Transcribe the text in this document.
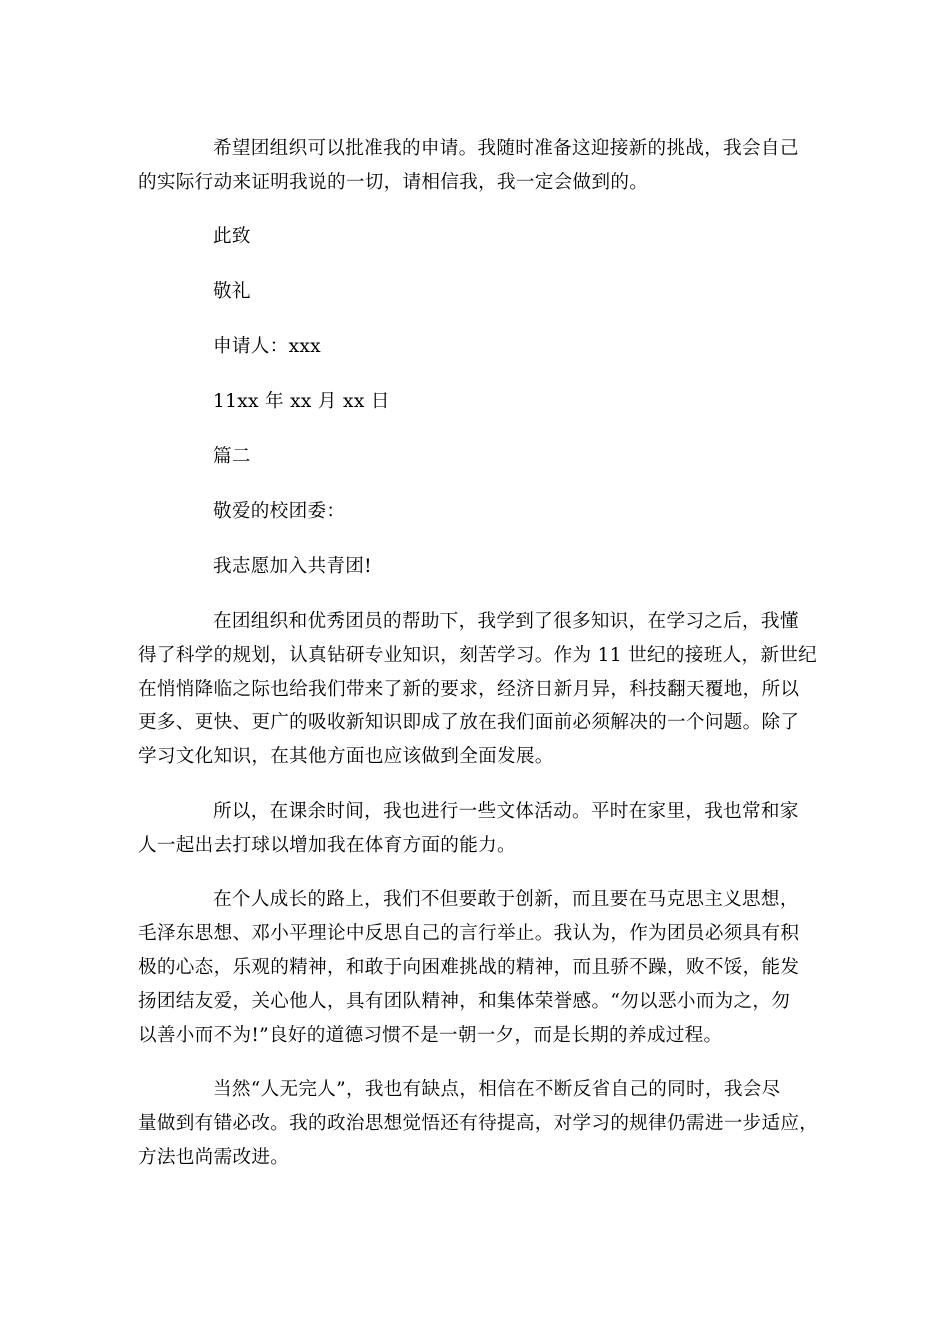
希望团组织可以批准我的申请。我随时准备这迎接新的挑战，我会自己
的实际行动来证明我说的一切，请相信我，我一定会做到的。
此致
敬礼
申请人：xxx
11xx 年 xx 月 xx 日
篇二
敬爱的校团委：
我志愿加入共青团!
在团组织和优秀团员的帮助下，我学到了很多知识，在学习之后，我懂
得了科学的规划，认真钻研专业知识，刻苦学习。作为 11 世纪的接班人，新世纪
在悄悄降临之际也给我们带来了新的要求，经济日新月异，科技翻天覆地，所以
更多、更快、更广的吸收新知识即成了放在我们面前必须解决的一个问题。除了
学习文化知识，在其他方面也应该做到全面发展。
所以，在课余时间，我也进行一些文体活动。平时在家里，我也常和家
人一起出去打球以增加我在体育方面的能力。
在个人成长的路上，我们不但要敢于创新，而且要在马克思主义思想，
毛泽东思想、邓小平理论中反思自己的言行举止。我认为，作为团员必须具有积
极的心态，乐观的精神，和敢于向困难挑战的精神，而且骄不躁，败不馁，能发
扬团结友爱，关心他人，具有团队精神，和集体荣誉感。“勿以恶小而为之，勿
以善小而不为!”良好的道德习惯不是一朝一夕，而是长期的养成过程。
当然“人无完人”，我也有缺点，相信在不断反省自己的同时，我会尽
量做到有错必改。我的政治思想觉悟还有待提高，对学习的规律仍需进一步适应，
方法也尚需改进。
